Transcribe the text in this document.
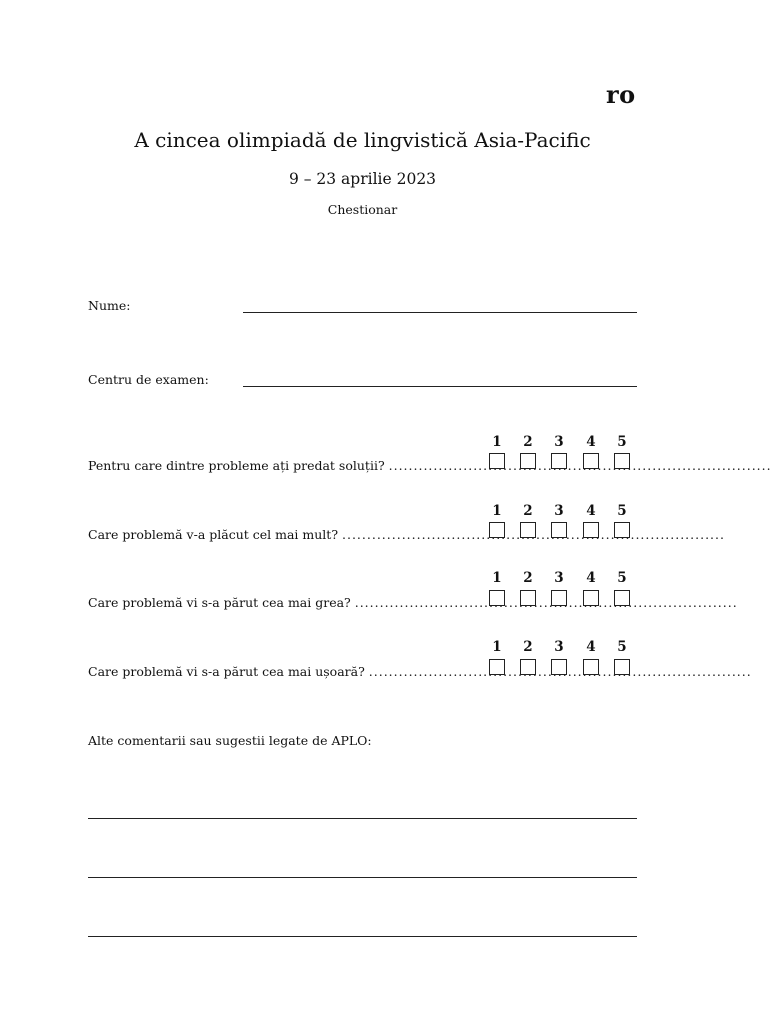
ro
A cincea olimpiadă de lingvistică Asia-Pacific
9 – 23 aprilie 2023
Chestionar
Nume:
Centru de examen:
1	2	3	4	5
Pentru care dintre probleme ați predat soluții? .............................................................................
1	2	3	4	5
Care problemă v-a plăcut cel mai mult? .............................................................................
1	2	3	4	5
Care problemă vi s-a părut cea mai grea? .............................................................................
1	2	3	4	5
Care problemă vi s-a părut cea mai ușoară? .............................................................................
Alte comentarii sau sugestii legate de APLO:
